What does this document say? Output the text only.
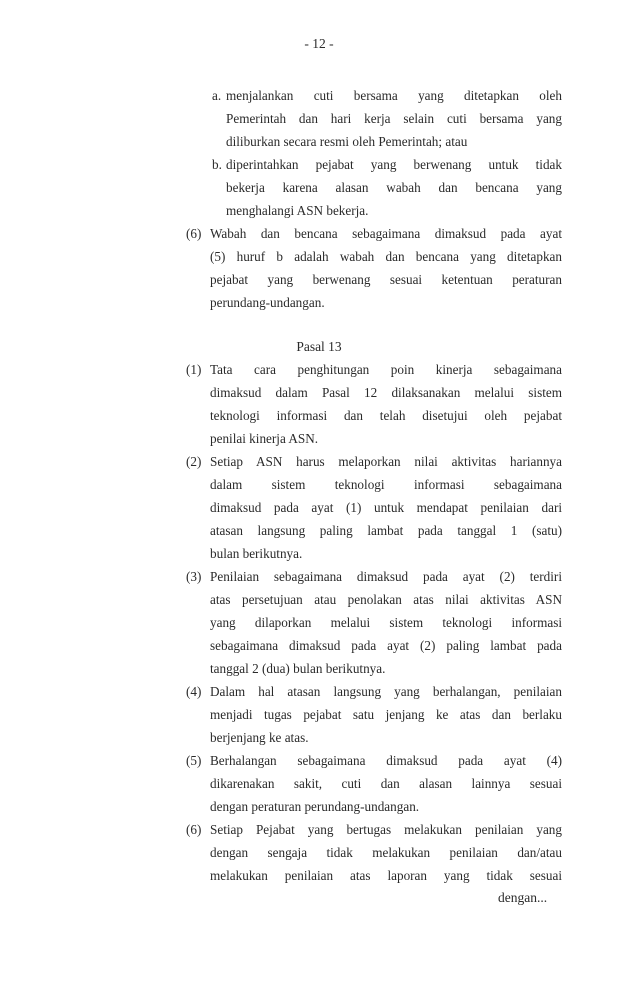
- 12 -
a. menjalankan cuti bersama yang ditetapkan oleh
Pemerintah dan hari kerja selain cuti bersama yang
diliburkan secara resmi oleh Pemerintah; atau
b. diperintahkan pejabat yang berwenang untuk tidak
bekerja karena alasan wabah dan bencana yang
menghalangi ASN bekerja.
(6) Wabah dan bencana sebagaimana dimaksud pada ayat
(5) huruf b adalah wabah dan bencana yang ditetapkan
pejabat yang berwenang sesuai ketentuan peraturan
perundang-undangan.
Pasal 13
(1) Tata cara penghitungan poin kinerja sebagaimana
dimaksud dalam Pasal 12 dilaksanakan melalui sistem
teknologi informasi dan telah disetujui oleh pejabat
penilai kinerja ASN.
(2) Setiap ASN harus melaporkan nilai aktivitas hariannya
dalam sistem teknologi informasi sebagaimana
dimaksud pada ayat (1) untuk mendapat penilaian dari
atasan langsung paling lambat pada tanggal 1 (satu)
bulan berikutnya.
(3) Penilaian sebagaimana dimaksud pada ayat (2) terdiri
atas persetujuan atau penolakan atas nilai aktivitas ASN
yang dilaporkan melalui sistem teknologi informasi
sebagaimana dimaksud pada ayat (2) paling lambat pada
tanggal 2 (dua) bulan berikutnya.
(4) Dalam hal atasan langsung yang berhalangan, penilaian
menjadi tugas pejabat satu jenjang ke atas dan berlaku
berjenjang ke atas.
(5) Berhalangan sebagaimana dimaksud pada ayat (4)
dikarenakan sakit, cuti dan alasan lainnya sesuai
dengan peraturan perundang-undangan.
(6) Setiap Pejabat yang bertugas melakukan penilaian yang
dengan sengaja tidak melakukan penilaian dan/atau
melakukan penilaian atas laporan yang tidak sesuai
dengan...
